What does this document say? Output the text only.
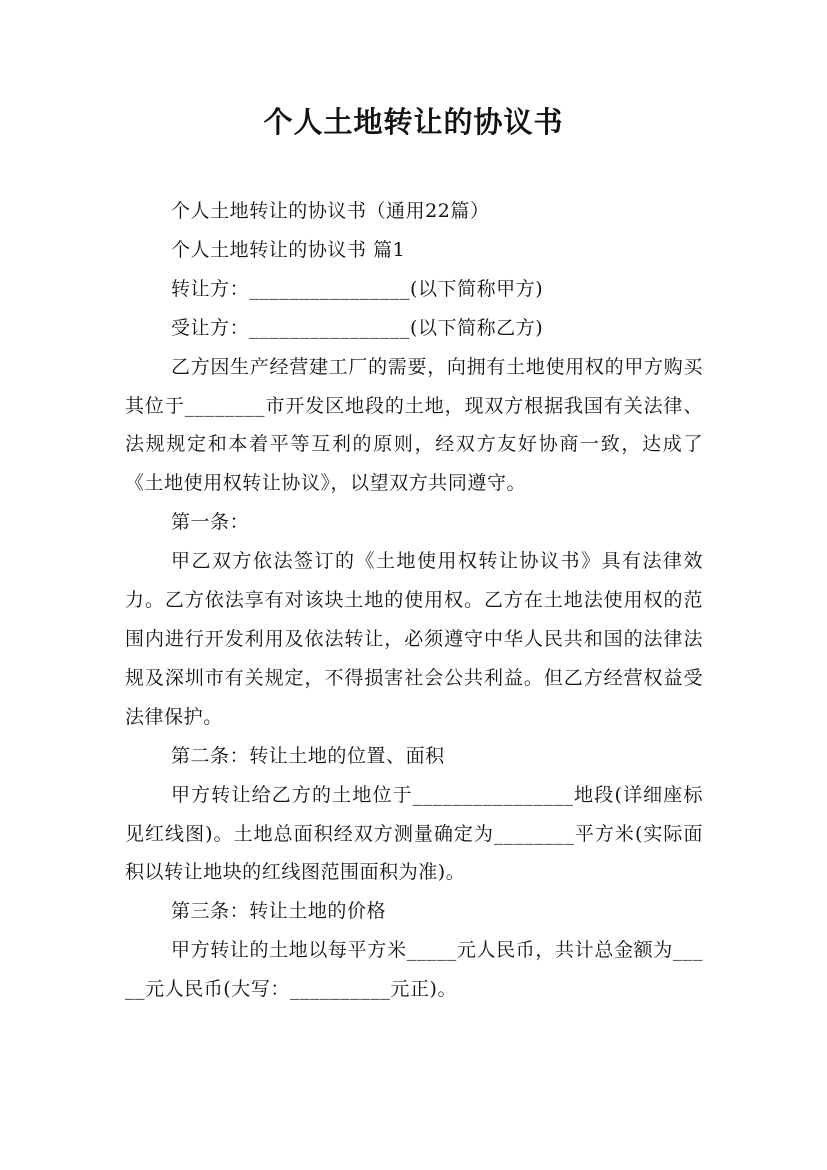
个人土地转让的协议书

个人土地转让的协议书（通用22篇）

个人土地转让的协议书 篇1

转让方：________________(以下简称甲方)

受让方：________________(以下简称乙方)

乙方因生产经营建工厂的需要，向拥有土地使用权的甲方购买其位于________市开发区地段的土地，现双方根据我国有关法律、法规规定和本着平等互利的原则，经双方友好协商一致，达成了《土地使用权转让协议》，以望双方共同遵守。

第一条：

甲乙双方依法签订的《土地使用权转让协议书》具有法律效力。乙方依法享有对该块土地的使用权。乙方在土地法使用权的范围内进行开发利用及依法转让，必须遵守中华人民共和国的法律法规及深圳市有关规定，不得损害社会公共利益。但乙方经营权益受法律保护。

第二条：转让土地的位置、面积

甲方转让给乙方的土地位于________________地段(详细座标见红线图)。土地总面积经双方测量确定为________平方米(实际面积以转让地块的红线图范围面积为准)。

第三条：转让土地的价格

甲方转让的土地以每平方米_____元人民币，共计总金额为_____元人民币(大写：__________元正)。
